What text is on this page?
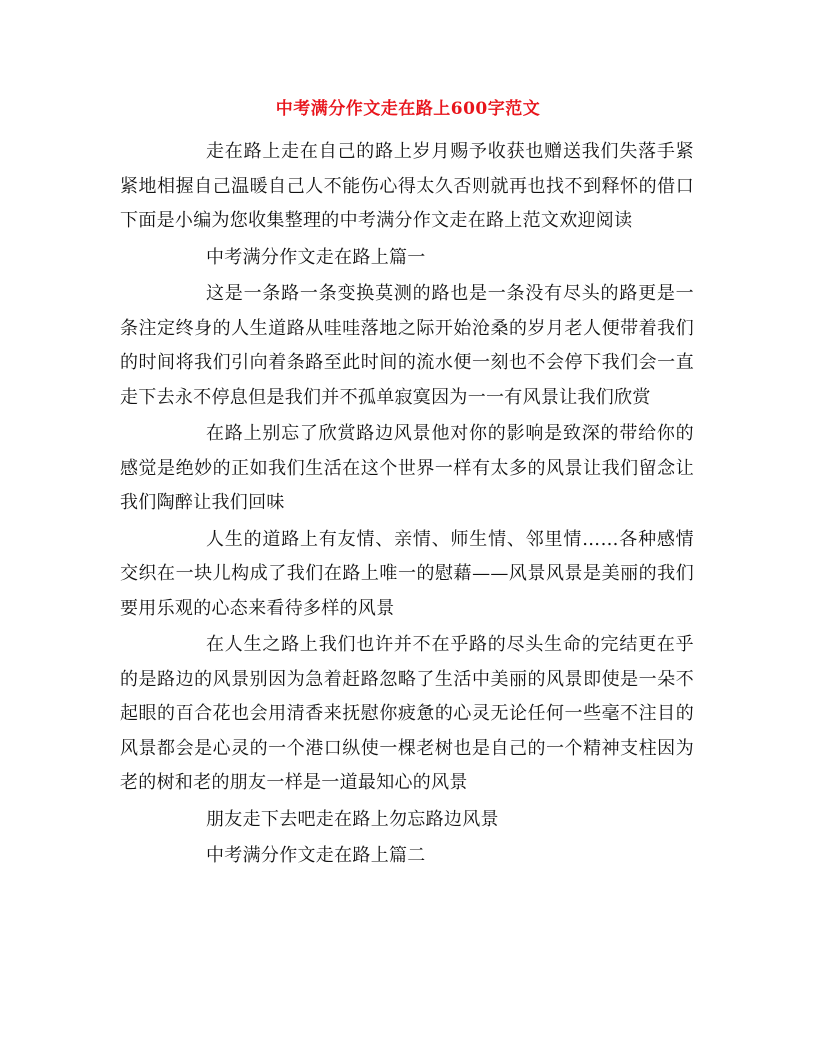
中考满分作文走在路上600字范文

走在路上走在自己的路上岁月赐予收获也赠送我们失落手紧紧地相握自己温暖自己人不能伤心得太久否则就再也找不到释怀的借口下面是小编为您收集整理的中考满分作文走在路上范文欢迎阅读

中考满分作文走在路上篇一

这是一条路一条变换莫测的路也是一条没有尽头的路更是一条注定终身的人生道路从哇哇落地之际开始沧桑的岁月老人便带着我们的时间将我们引向着条路至此时间的流水便一刻也不会停下我们会一直走下去永不停息但是我们并不孤单寂寞因为一一有风景让我们欣赏

在路上别忘了欣赏路边风景他对你的影响是致深的带给你的感觉是绝妙的正如我们生活在这个世界一样有太多的风景让我们留念让我们陶醉让我们回味

人生的道路上有友情、亲情、师生情、邻里情……各种感情交织在一块儿构成了我们在路上唯一的慰藉——风景风景是美丽的我们要用乐观的心态来看待多样的风景

在人生之路上我们也许并不在乎路的尽头生命的完结更在乎的是路边的风景别因为急着赶路忽略了生活中美丽的风景即使是一朵不起眼的百合花也会用清香来抚慰你疲惫的心灵无论任何一些毫不注目的风景都会是心灵的一个港口纵使一棵老树也是自己的一个精神支柱因为老的树和老的朋友一样是一道最知心的风景

朋友走下去吧走在路上勿忘路边风景

中考满分作文走在路上篇二
